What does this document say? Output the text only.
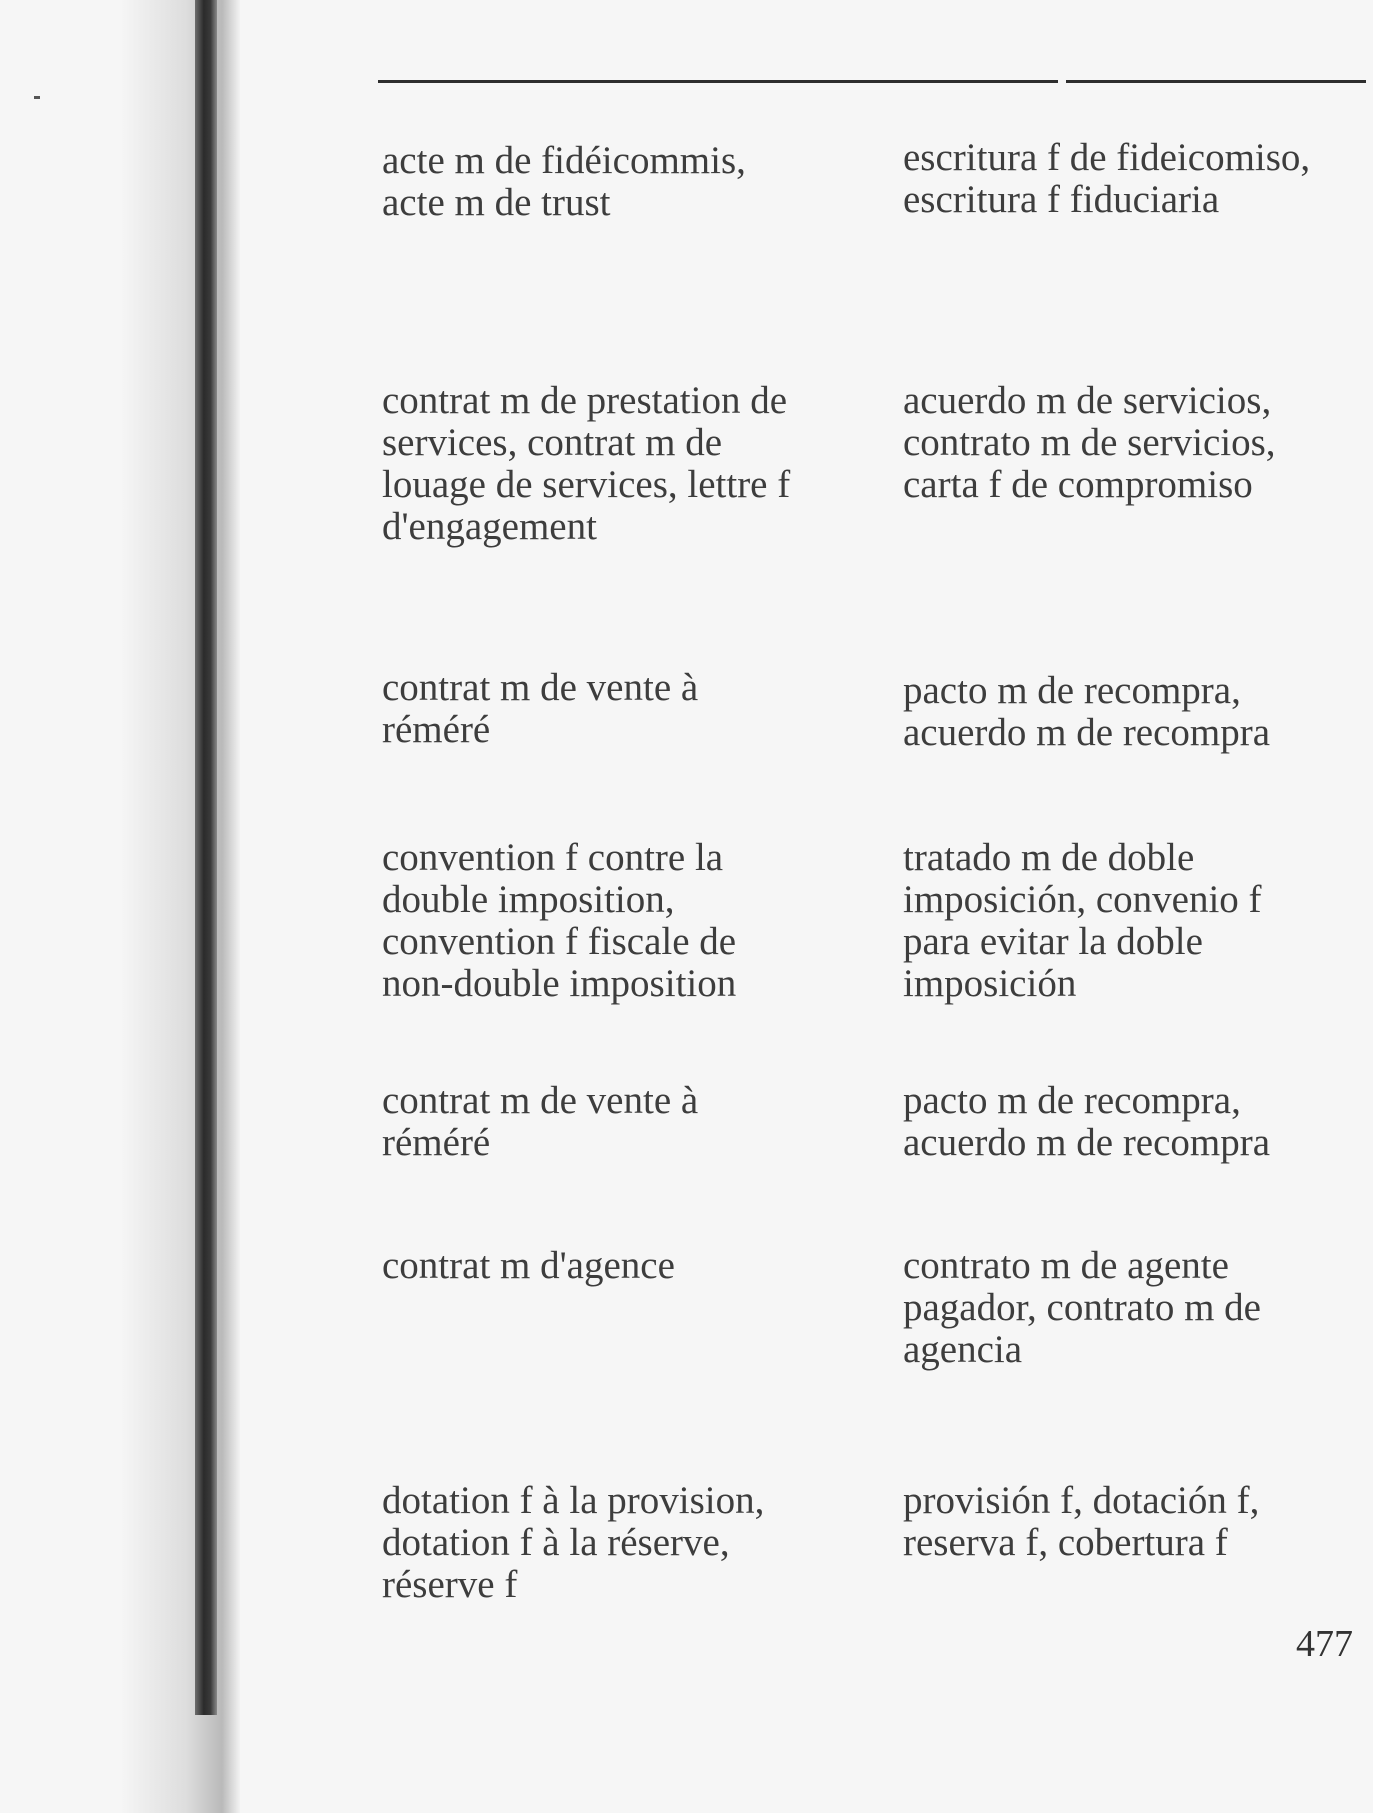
acte m de fidéicommis,
acte m de trust
escritura f de fideicomiso,
escritura f fiduciaria
contrat m de prestation de
services, contrat m de
louage de services, lettre f
d'engagement
acuerdo m de servicios,
contrato m de servicios,
carta f de compromiso
contrat m de vente à
réméré
pacto m de recompra,
acuerdo m de recompra
convention f contre la
double imposition,
convention f fiscale de
non-double imposition
tratado m de doble
imposición, convenio f
para evitar la doble
imposición
contrat m de vente à
réméré
pacto m de recompra,
acuerdo m de recompra
contrat m d'agence	contrato m de agente
pagador, contrato m de
agencia
dotation f à la provision,
dotation f à la réserve,
réserve f
provisión f, dotación f,
reserva f, cobertura f
477
